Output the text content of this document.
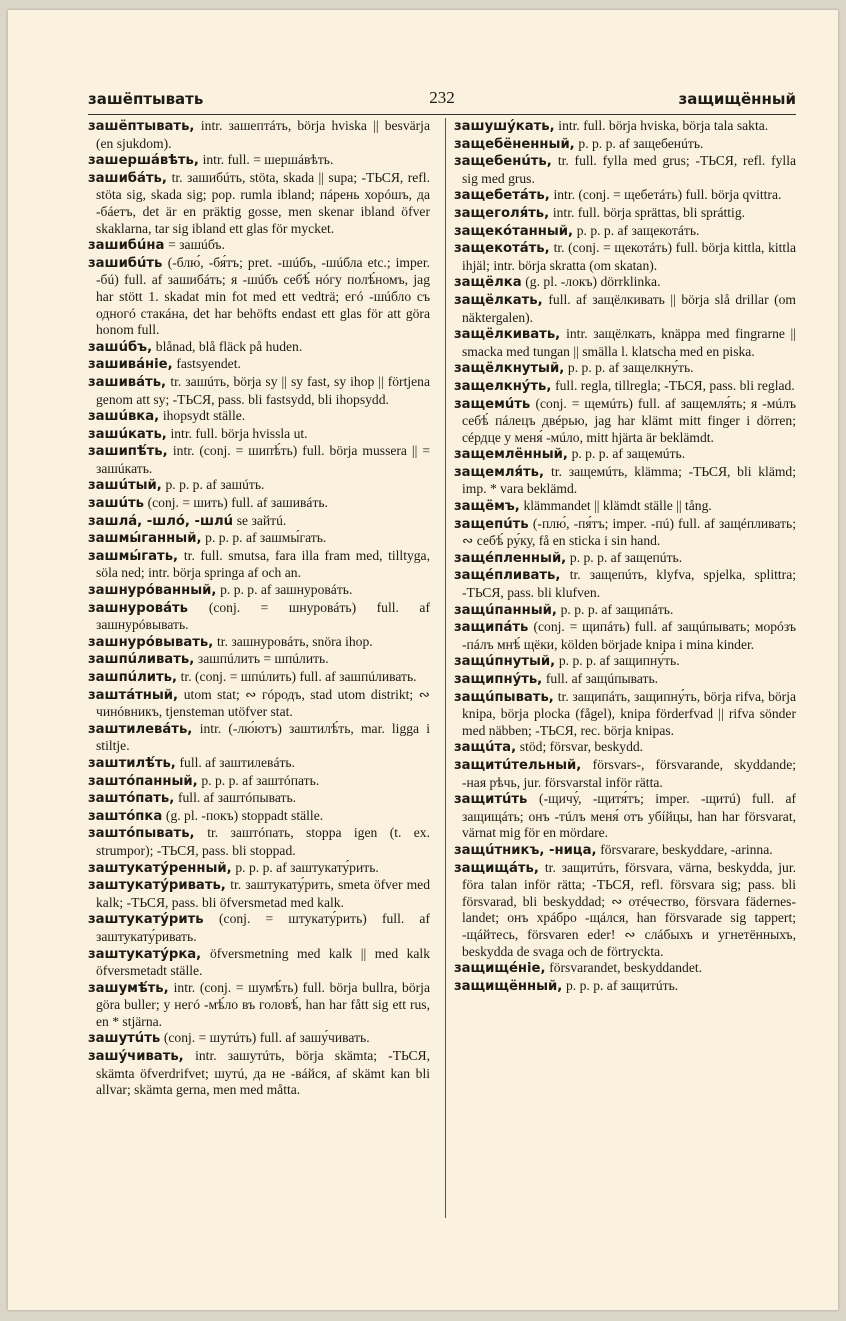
зашёптывать	232	защищённый

зашёптывать, intr. зашептáть, börja hviska || besvärja (en sjukdom).

зашершáвѣть, intr. full. = шершáвѣть.

зашибáть, tr. зашибúть, stöta, skada || supa; -ТЬСЯ, refl. stöta sig, skada sig; pop. rumla ibland; пáрень хорóшъ, да -бáетъ, det är en präktig gosse, men skenar ibland öfver skaklarna, tar sig ibland ett glas för mycket.

зашибúна = зашúбъ.

зашибúть (-блю́, -бя́тъ; pret. -шúбъ, -шúбла etc.; imper. -бú) full. af зашибáть; я -шúбъ себѣ́ нóгу полѣ́номъ, jag har stött 1. skadat min fot med ett vedträ; егó -шúбло съ одногó стакáна, det har behöfts endast ett glas för att göra honom full.

зашúбъ, blånad, blå fläck på huden.

зашивáніе, fastsyendet.

зашивáть, tr. зашúть, börja sy || sy fast, sy ihop || förtjena genom att sy; -ТЬСЯ, pass. bli fastsydd, bli ihopsydd.

зашúвка, ihopsydt ställe.

зашúкать, intr. full. börja hvissla ut.

зашипѣ́ть, intr. (conj. = шипѣ́ть) full. börja mussera || = зашúкать.

зашúтый, p. p. p. af зашúть.

зашúть (conj. = шить) full. af зашивáть.

зашлá, -шлó, -шлú se зайтú.

зашмы́ганный, p. p. p. af зашмы́гать.

зашмы́гать, tr. full. smutsa, fara illa fram med, tilltyga, söla ned; intr. börja springa af och an.

зашнурóванный, p. p. p. af зашнуровáть.

зашнуровáть (conj. = шнуровáть) full. af зашнурóвывать.

зашнурóвывать, tr. зашнуровáть, snöra ihop.

зашпúливать, зашпúлить = шпúлить.

зашпúлить, tr. (conj. = шпúлить) full. af зашпúливать.

заштáтный, utom stat; ∾ гóродъ, stad utom distrikt; ∾ чинóвникъ, tjensteman utöfver stat.

заштилевáть, intr. (-лю́ютъ) заштилѣ́ть, mar. ligga i stiltje.

заштилѣ́ть, full. af заштилевáть.

заштóпанный, p. p. p. af заштóпать.

заштóпать, full. af заштóпывать.

заштóпка (g. pl. -покъ) stoppadt ställe.

заштóпывать, tr. заштóпать, stoppa igen (t. ex. strumpor); -ТЬСЯ, pass. bli stoppad.

заштукату́ренный, p. p. p. af заштукату́рить.

заштукату́ривать, tr. заштукату́рить, smeta öfver med kalk; -ТЬСЯ, pass. bli öfversmetad med kalk.

заштукату́рить (conj. = штукату́рить) full. af заштукату́ривать.

заштукату́рка, öfversmetning med kalk || med kalk öfversmetadt ställe.

зашумѣ́ть, intr. (conj. = шумѣ́ть) full. börja bullra, börja göra buller; у негó -мѣ́ло въ головѣ́, han har fått sig ett rus, en * stjärna.

зашутúть (conj. = шутúть) full. af зашу́чивать.

зашу́чивать, intr. зашутúть, börja skämta; -ТЬСЯ, skämta öfverdrifvet; шутú, да не -вáйся, af skämt kan bli allvar; skämta gerna, men med måtta.

зашушу́кать, intr. full. börja hviska, börja tala sakta.

защебёненный, p. p. p. af защебенúть.

защебенúть, tr. full. fylla med grus; -ТЬСЯ, refl. fylla sig med grus.

защебетáть, intr. (conj. = щебетáть) full. börja qvittra.

защеголя́ть, intr. full. börja sprättas, bli spráttig.

защекóтанный, p. p. p. af защекотáть.

защекотáть, tr. (conj. = щекотáть) full. börja kittla, kittla ihjäl; intr. börja skratta (om skatan).

защёлка (g. pl. -локъ) dörrklinka.

защёлкать, full. af защёлкивать || börja slå drillar (om näktergalen).

защёлкивать, intr. защёлкать, knäppa med fingrarne || smacka med tungan || smälla l. klatscha med en piska.

защёлкнутый, p. p. p. af защелкну́ть.

защелкну́ть, full. regla, tillregla; -ТЬСЯ, pass. bli reglad.

защемúть (conj. = щемúть) full. af защемля́ть; я -мúлъ себѣ́ пáлецъ двéрью, jag har klämt mitt finger i dörren; сéрдце у меня́ -мúло, mitt hjärta är beklämdt.

защемлённый, p. p. p. af защемúть.

защемля́ть, tr. защемúть, klämma; -ТЬСЯ, bli klämd; imp. * vara beklämd.

защёмъ, klämmandet || klämdt ställe || tång.

защепúть (-плю́, -пя́тъ; imper. -пú) full. af защéпливать; ∾ себѣ́ ру́ку, få en sticka i sin hand.

защéпленный, p. p. p. af защепúть.

защéпливать, tr. защепúть, klyfva, spjelka, splittra; -ТЬСЯ, pass. bli klufven.

защúпанный, p. p. p. af защипáть.

защипáть (conj. = щипáть) full. af защúпывать; морóзъ -пáлъ мнѣ́ щёки, kölden började knipa i mina kinder.

защúпнутый, p. p. p. af защипну́ть.

защипну́ть, full. af защúпывать.

защúпывать, tr. защипáть, защипну́ть, börja rifva, börja knipa, börja plocka (fågel), knipa förderfvad || rifva sönder med näbben; -ТЬСЯ, rec. börja knipas.

защúта, stöd; försvar, beskydd.

защитúтельный, försvars-, försvarande, skyddande; -ная рѣчь, jur. försvarstal inför rätta.

защитúть (-щичу́, -щитя́тъ; imper. -щитú) full. af защищáть; онъ -тúлъ меня́ отъ убíйцы, han har försvarat, värnat mig för en mördare.

защúтникъ, -ница, försvarare, beskyddare, -arinna.

защищáть, tr. защитúть, försvara, värna, beskydda, jur. föra talan inför rätta; -ТЬСЯ, refl. försvara sig; pass. bli försvarad, bli beskyddad; ∾ отéчество, försvara fädernes-landet; онъ хрáбро -щáлся, han försvarade sig tappert; -щáйтесь, försvaren eder! ∾ слáбыхъ и угнетённыхъ, beskydda de svaga och de förtryckta.

защищéніе, försvarandet, beskyddandet.

защищённый, p. p. p. af защитúть.
